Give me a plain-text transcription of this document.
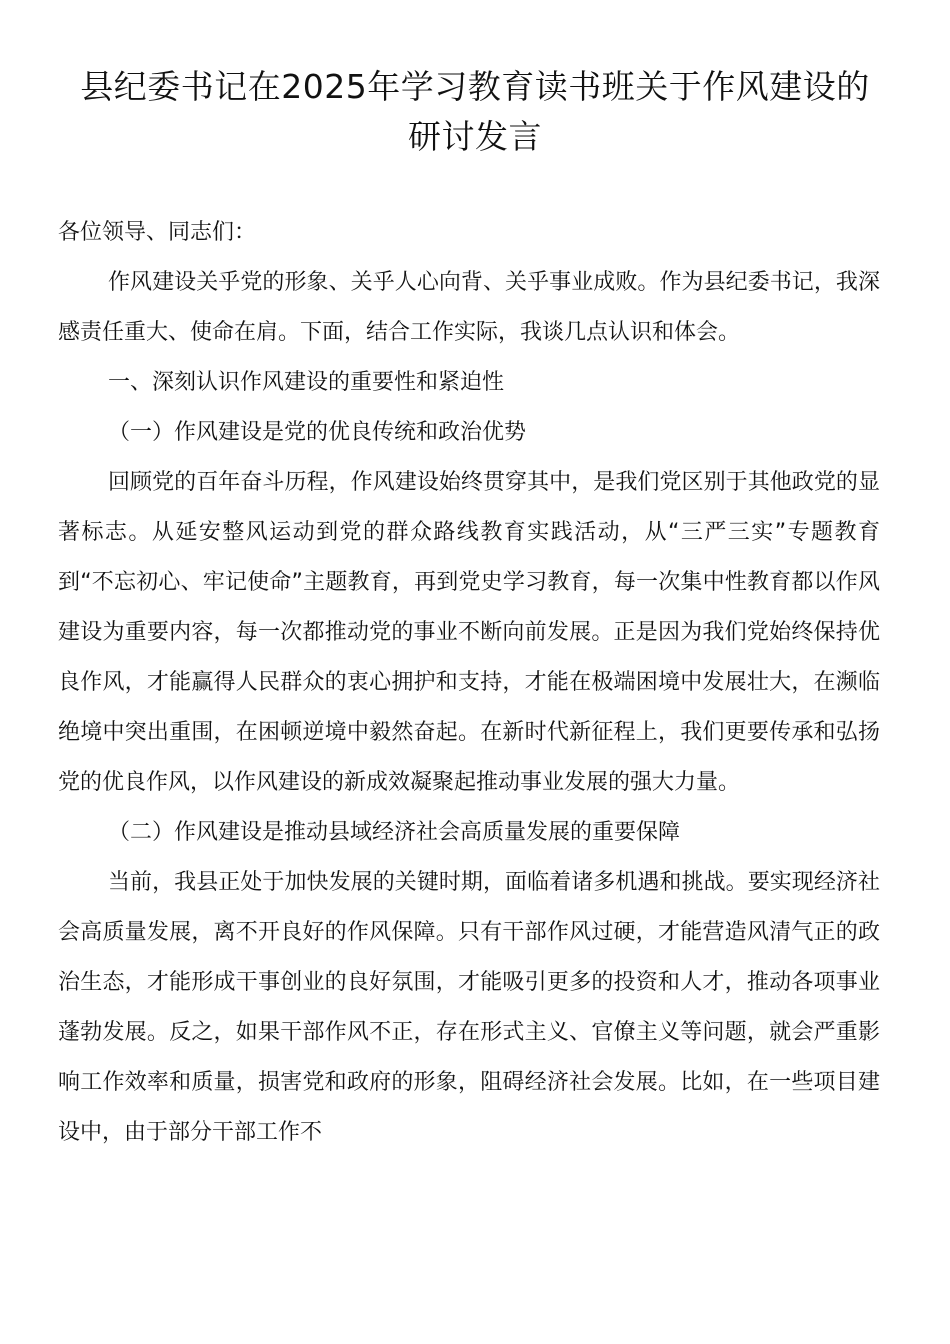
县纪委书记在2025年学习教育读书班关于作风建设的研讨发言

各位领导、同志们：

作风建设关乎党的形象、关乎人心向背、关乎事业成败。作为县纪委书记，我深感责任重大、使命在肩。下面，结合工作实际，我谈几点认识和体会。

一、深刻认识作风建设的重要性和紧迫性

（一）作风建设是党的优良传统和政治优势

回顾党的百年奋斗历程，作风建设始终贯穿其中，是我们党区别于其他政党的显著标志。从延安整风运动到党的群众路线教育实践活动，从“三严三实”专题教育到“不忘初心、牢记使命”主题教育，再到党史学习教育，每一次集中性教育都以作风建设为重要内容，每一次都推动党的事业不断向前发展。正是因为我们党始终保持优良作风，才能赢得人民群众的衷心拥护和支持，才能在极端困境中发展壮大，在濒临绝境中突出重围，在困顿逆境中毅然奋起。在新时代新征程上，我们更要传承和弘扬党的优良作风，以作风建设的新成效凝聚起推动事业发展的强大力量。

（二）作风建设是推动县域经济社会高质量发展的重要保障

当前，我县正处于加快发展的关键时期，面临着诸多机遇和挑战。要实现经济社会高质量发展，离不开良好的作风保障。只有干部作风过硬，才能营造风清气正的政治生态，才能形成干事创业的良好氛围，才能吸引更多的投资和人才，推动各项事业蓬勃发展。反之，如果干部作风不正，存在形式主义、官僚主义等问题，就会严重影响工作效率和质量，损害党和政府的形象，阻碍经济社会发展。比如，在一些项目建设中，由于部分干部工作不
